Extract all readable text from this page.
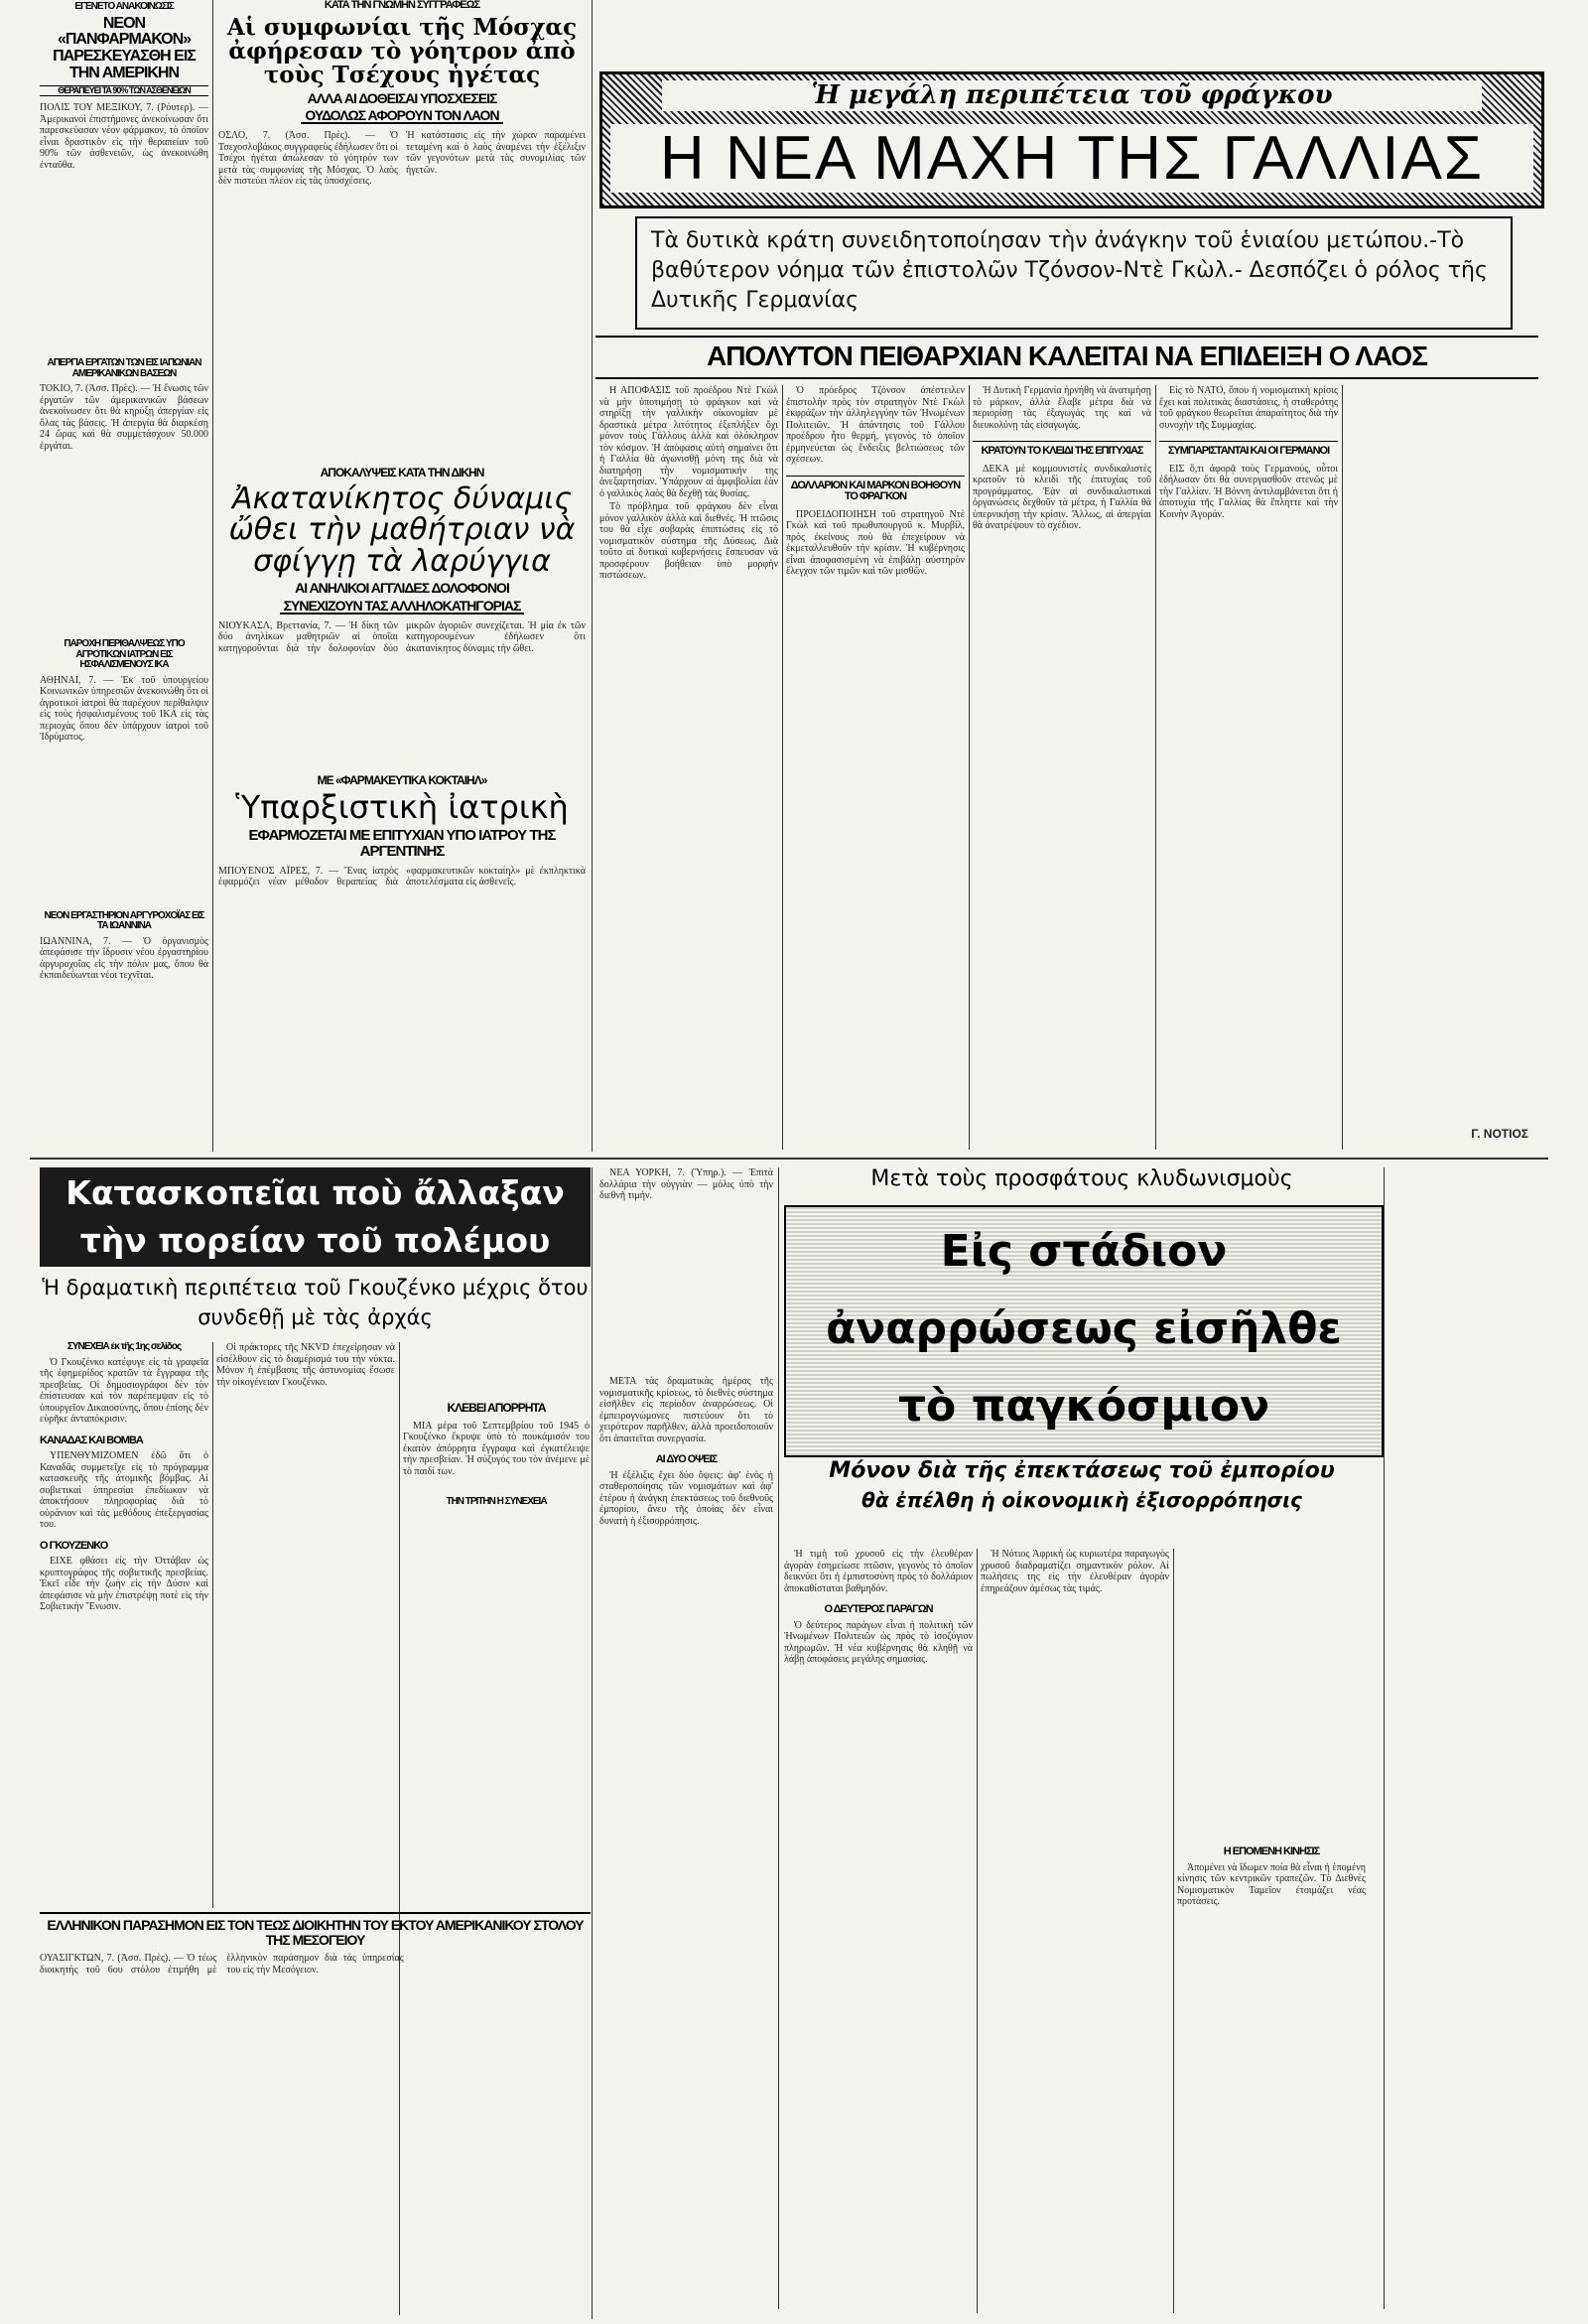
ΕΓΕΝΕΤΟ ΑΝΑΚΟΙΝΩΣΙΣ
ΝΕΟΝ «ΠΑΝΦΑΡΜΑΚΟΝ» ΠΑΡΕΣΚΕΥΑΣΘΗ ΕΙΣ ΤΗΝ ΑΜΕΡΙΚΗΝ
ΘΕΡΑΠΕΥΕΙ ΤΑ 90% ΤΩΝ ΑΣΘΕΝΕΙΩΝ
ΠΟΛΙΣ ΤΟΥ ΜΕΞΙΚΟΥ, 7. (Ρόυτερ). — Ἀμερικανοὶ ἐπιστήμονες ἀνεκοίνωσαν ὅτι παρεσκεύασαν νέον φάρμακον, τὸ ὁποῖον εἶναι δραστικὸν εἰς τὴν θεραπείαν τοῦ 90% τῶν ἀσθενειῶν, ὡς ἀνεκοινώθη ἐνταῦθα.
ΑΠΕΡΓΙΑ ΕΡΓΑΤΩΝ ΤΩΝ ΕΙΣ ΙΑΠΩΝΙΑΝ ΑΜΕΡΙΚΑΝΙΚΩΝ ΒΑΣΕΩΝ
ΤΟΚΙΟ, 7. (Ἀσσ. Πρὲς). — Ἡ ἕνωσις τῶν ἐργατῶν τῶν ἀμερικανικῶν βάσεων ἀνεκοίνωσεν ὅτι θὰ κηρύξῃ ἀπεργίαν εἰς ὅλας τὰς βάσεις. Ἡ ἀπεργία θὰ διαρκέσῃ 24 ὥρας καὶ θὰ συμμετάσχουν 50.000 ἐργάται.
ΠΑΡΟΧΗ ΠΕΡΙΘΑΛΨΕΩΣ ΥΠΟ ΑΓΡΟΤΙΚΩΝ ΙΑΤΡΩΝ ΕΙΣ ΗΣΦΑΛΙΣΜΕΝΟΥΣ ΙΚΑ
ΑΘΗΝΑΙ, 7. — Ἐκ τοῦ ὑπουργείου Κοινωνικῶν ὑπηρεσιῶν ἀνεκοινώθη ὅτι οἱ ἀγροτικοὶ ἰατροὶ θὰ παρέχουν περίθαλψιν εἰς τοὺς ἠσφαλισμένους τοῦ ΙΚΑ εἰς τὰς περιοχὰς ὅπου δὲν ὑπάρχουν ἰατροὶ τοῦ Ἱδρύματος.
ΝΕΟΝ ΕΡΓΑΣΤΗΡΙΟΝ ΑΡΓΥΡΟΧΟΪΑΣ ΕΙΣ ΤΑ ΙΩΑΝΝΙΝΑ
ΙΩΑΝΝΙΝΑ, 7. — Ὁ ὀργανισμὸς ἀπεφάσισε τὴν ἵδρυσιν νέου ἐργαστηρίου ἀργυροχοΐας εἰς τὴν πόλιν μας, ὅπου θὰ ἐκπαιδεύωνται νέοι τεχνῖται.
ΚΑΤΑ ΤΗΝ ΓΝΩΜΗΝ ΣΥΓΓΡΑΦΕΩΣ
Αἱ συμφωνίαι τῆς Μόσχας ἀφήρεσαν τὸ γόητρον ἀπὸ τοὺς Τσέχους ἡγέτας
ΑΛΛΑ ΑΙ ΔΟΘΕΙΣΑΙ ΥΠΟΣΧΕΣΕΙΣ
ΟΥΔΟΛΩΣ ΑΦΟΡΟΥΝ ΤΟΝ ΛΑΟΝ
ΟΣΛΟ, 7. (Ἀσσ. Πρὲς). — Ὁ Τσεχοσλοβάκος συγγραφεὺς ἐδήλωσεν ὅτι οἱ Τσέχοι ἡγέται ἀπώλεσαν τὸ γόητρόν των μετὰ τὰς συμφωνίας τῆς Μόσχας. Ὁ λαὸς δὲν πιστεύει πλέον εἰς τὰς ὑποσχέσεις.
Ἡ κατάστασις εἰς τὴν χώραν παραμένει τεταμένη καὶ ὁ λαὸς ἀναμένει τὴν ἐξέλιξιν τῶν γεγονότων μετὰ τὰς συνομιλίας τῶν ἡγετῶν.
ΑΠΟΚΑΛΥΨΕΙΣ ΚΑΤΑ ΤΗΝ ΔΙΚΗΝ
Ἀκατανίκητος δύναμις ὤθει τὴν μαθήτριαν νὰ σφίγγῃ τὰ λαρύγγια
ΑΙ ΑΝΗΛΙΚΟΙ ΑΓΓΛΙΔΕΣ ΔΟΛΟΦΟΝΟΙ
ΣΥΝΕΧΙΖΟΥΝ ΤΑΣ ΑΛΛΗΛΟΚΑΤΗΓΟΡΙΑΣ
ΝΙΟΥΚΑΣΛ, Βρεττανία, 7. — Ἡ δίκη τῶν δύο ἀνηλίκων μαθητριῶν αἱ ὁποῖαι κατηγοροῦνται διὰ τὴν δολοφονίαν δύο μικρῶν ἀγοριῶν συνεχίζεται. Ἡ μία ἐκ τῶν κατηγορουμένων ἐδήλωσεν ὅτι ἀκατανίκητος δύναμις τὴν ὤθει.
ΜΕ «ΦΑΡΜΑΚΕΥΤΙΚΑ ΚΟΚΤΑΙΗΛ»
Ὑπαρξιστικὴ ἰατρικὴ
ΕΦΑΡΜΟΖΕΤΑΙ ΜΕ ΕΠΙΤΥΧΙΑΝ ΥΠΟ ΙΑΤΡΟΥ ΤΗΣ ΑΡΓΕΝΤΙΝΗΣ
ΜΠΟΥΕΝΟΣ ΑΪΡΕΣ, 7. — Ἕνας ἰατρὸς ἐφαρμόζει νέαν μέθοδον θεραπείας διὰ «φαρμακευτικῶν κοκταίηλ» μὲ ἐκπληκτικὰ ἀποτελέσματα εἰς ἀσθενεῖς.
Ἡ μεγάλη περιπέτεια τοῦ φράγκου
Η ΝΕΑ ΜΑΧΗ ΤΗΣ ΓΑΛΛΙΑΣ
Τὰ δυτικὰ κράτη συνειδητοποίησαν τὴν ἀνάγκην τοῦ ἑνιαίου μετώπου.-Τὸ βαθύτερον νόημα τῶν ἐπιστολῶν Τζόνσον-Ντὲ Γκὼλ.- Δεσπόζει ὁ ρόλος τῆς Δυτικῆς Γερμανίας
ΑΠΟΛΥΤΟΝ ΠΕΙΘΑΡΧΙΑΝ ΚΑΛΕΙΤΑΙ ΝΑ ΕΠΙΔΕΙΞΗ Ο ΛΑΟΣ

Η ΑΠΟΦΑΣΙΣ τοῦ προέδρου Ντὲ Γκὼλ νὰ μὴν ὑποτιμήσῃ τὸ φράγκον καὶ νὰ στηρίξῃ τὴν γαλλικὴν οἰκονομίαν μὲ δραστικὰ μέτρα λιτότητος ἐξεπλήξεν ὄχι μόνον τοὺς Γάλλους ἀλλὰ καὶ ὁλόκληρον τὸν κόσμον. Ἡ ἀπόφασις αὐτὴ σημαίνει ὅτι ἡ Γαλλία θὰ ἀγωνισθῇ μόνη της διὰ νὰ διατηρήσῃ τὴν νομισματικήν της ἀνεξαρτησίαν. Ὑπάρχουν αἱ ἀμφιβολίαι ἐὰν ὁ γαλλικὸς λαὸς θὰ δεχθῇ τὰς θυσίας.

Τὸ πρόβλημα τοῦ φράγκου δὲν εἶναι μόνον γαλλικὸν ἀλλὰ καὶ διεθνές. Ἡ πτῶσις του θὰ εἶχε σοβαρὰς ἐπιπτώσεις εἰς τὸ νομισματικὸν σύστημα τῆς Δύσεως. Διὰ τοῦτο αἱ δυτικαὶ κυβερνήσεις ἔσπευσαν νὰ προσφέρουν βοήθειαν ὑπὸ μορφὴν πιστώσεων.

Ὁ πρόεδρος Τζόνσον ἀπέστειλεν ἐπιστολὴν πρὸς τὸν στρατηγὸν Ντὲ Γκὼλ ἐκφράζων τὴν ἀλληλεγγύην τῶν Ἡνωμένων Πολιτειῶν. Ἡ ἀπάντησις τοῦ Γάλλου προέδρου ἦτο θερμή, γεγονὸς τὸ ὁποῖον ἑρμηνεύεται ὡς ἔνδειξις βελτιώσεως τῶν σχέσεων.

ΔΟΛΛΑΡΙΟΝ ΚΑΙ ΜΑΡΚΟΝ ΒΟΗΘΟΥΝ ΤΟ ΦΡΑΓΚΟΝ

ΠΡΟΕΙΔΟΠΟΙΗΣΗ τοῦ στρατηγοῦ Ντὲ Γκὼλ καὶ τοῦ πρωθυπουργοῦ κ. Μυρβίλ, πρὸς ἐκείνους ποὺ θὰ ἐπεχείρουν νὰ ἐκμεταλλευθοῦν τὴν κρίσιν. Ἡ κυβέρνησις εἶναι ἀποφασισμένη νὰ ἐπιβάλῃ αὐστηρὸν ἔλεγχον τῶν τιμῶν καὶ τῶν μισθῶν.

Ἡ Δυτικὴ Γερμανία ἠρνήθη νὰ ἀνατιμήσῃ τὸ μάρκον, ἀλλὰ ἔλαβε μέτρα διὰ νὰ περιορίσῃ τὰς ἐξαγωγάς της καὶ νὰ διευκολύνῃ τὰς εἰσαγωγάς.

ΚΡΑΤΟΥΝ ΤΟ ΚΛΕΙΔΙ ΤΗΣ ΕΠΙΤΥΧΙΑΣ

ΔΕΚΑ μὲ κομμουνιστὲς συνδικαλιστὲς κρατοῦν τὸ κλειδὶ τῆς ἐπιτυχίας τοῦ προγράμματος. Ἐὰν αἱ συνδικαλιστικαὶ ὀργανώσεις δεχθοῦν τὰ μέτρα, ἡ Γαλλία θὰ ὑπερνικήσῃ τὴν κρίσιν. Ἄλλως, αἱ ἀπεργίαι θὰ ἀνατρέψουν τὸ σχέδιον.

Εἰς τὸ ΝΑΤΟ, ὅπου ἡ νομισματικὴ κρίσις ἔχει καὶ πολιτικὰς διαστάσεις, ἡ σταθερότης τοῦ φράγκου θεωρεῖται ἀπαραίτητος διὰ τὴν συνοχὴν τῆς Συμμαχίας.

ΣΥΜΠΑΡΙΣΤΑΝΤΑΙ ΚΑΙ ΟΙ ΓΕΡΜΑΝΟΙ

ΕΙΣ ὅ,τι ἀφορᾷ τοὺς Γερμανούς, οὗτοι ἐδήλωσαν ὅτι θὰ συνεργασθοῦν στενῶς μὲ τὴν Γαλλίαν. Ἡ Βόννη ἀντιλαμβάνεται ὅτι ἡ ἀποτυχία τῆς Γαλλίας θὰ ἔπληττε καὶ τὴν Κοινὴν Ἀγοράν.

Γ. ΝΟΤΙΟΣ
Κατασκοπεῖαι ποὺ ἄλλαξαν τὴν πορείαν τοῦ πολέμου
Ἡ δραματικὴ περιπέτεια τοῦ Γκουζένκο μέχρις ὅτου συνδεθῇ μὲ τὰς ἀρχάς
ΣΥΝΕΧΕΙΑ ἐκ τῆς 1ης σελίδος

Ὁ Γκουζένκο κατέφυγε εἰς τὰ γραφεῖα τῆς ἐφημερίδος κρατῶν τὰ ἔγγραφα τῆς πρεσβείας. Οἱ δημοσιογράφοι δὲν τὸν ἐπίστευσαν καὶ τὸν παρέπεμψαν εἰς τὸ ὑπουργεῖον Δικαιοσύνης, ὅπου ἐπίσης δὲν εὑρῆκε ἀνταπόκρισιν.

ΚΑΝΑΔΑΣ ΚΑΙ ΒΟΜΒΑ

ΥΠΕΝΘΥΜΙΖΟΜΕΝ ἐδῶ ὅτι ὁ Καναδᾶς συμμετεῖχε εἰς τὸ πρόγραμμα κατασκευῆς τῆς ἀτομικῆς βόμβας. Αἱ σοβιετικαὶ ὑπηρεσίαι ἐπεδίωκον νὰ ἀποκτήσουν πληροφορίας διὰ τὸ οὐράνιον καὶ τὰς μεθόδους ἐπεξεργασίας του.

Ο ΓΚΟΥΖΕΝΚΟ

ΕΙΧΕ φθάσει εἰς τὴν Ὀττάβαν ὡς κρυπτογράφος τῆς σοβιετικῆς πρεσβείας. Ἐκεῖ εἶδε τὴν ζωὴν εἰς τὴν Δύσιν καὶ ἀπεφάσισε νὰ μὴν ἐπιστρέψῃ ποτὲ εἰς τὴν Σοβιετικὴν Ἕνωσιν.

Οἱ πράκτορες τῆς NKVD ἐπεχείρησαν νὰ εἰσέλθουν εἰς τὸ διαμέρισμά του τὴν νύκτα. Μόνον ἡ ἐπέμβασις τῆς ἀστυνομίας ἔσωσε τὴν οἰκογένειαν Γκουζένκο.

ΚΛΕΒΕΙ ΑΠΟΡΡΗΤΑ

ΜΙΑ μέρα τοῦ Σεπτεμβρίου τοῦ 1945 ὁ Γκουζένκο ἔκρυψε ὑπὸ τὸ πουκάμισόν του ἑκατὸν ἀπόρρητα ἔγγραφα καὶ ἐγκατέλειψε τὴν πρεσβείαν. Ἡ σύζυγός του τὸν ἀνέμενε μὲ τὸ παιδί των.

ΤΗΝ ΤΡΙΤΗΝ Η ΣΥΝΕΧΕΙΑ
ΕΛΛΗΝΙΚΟΝ ΠΑΡΑΣΗΜΟΝ ΕΙΣ ΤΟΝ ΤΕΩΣ ΔΙΟΙΚΗΤΗΝ ΤΟΥ ΕΚΤΟΥ ΑΜΕΡΙΚΑΝΙΚΟΥ ΣΤΟΛΟΥ ΤΗΣ ΜΕΣΟΓΕΙΟΥ
ΟΥΑΣΙΓΚΤΩΝ, 7. (Ἀσσ. Πρὲς). — Ὁ τέως διοικητὴς τοῦ 6ου στόλου ἐτιμήθη μὲ ἑλληνικὸν παράσημον διὰ τὰς ὑπηρεσίας του εἰς τὴν Μεσόγειον.

ΝΕΑ ΥΟΡΚΗ, 7. (Ὑπηρ.). — Ἐπιτὰ δολλάρια τὴν οὐγγιὰν — μόλις ὑπὸ τὴν διεθνῆ τιμήν.

Μετὰ τοὺς προσφάτους κλυδωνισμοὺς
Εἰς στάδιον ἀναρρώσεως εἰσῆλθε τὸ παγκόσμιον
Μόνον διὰ τῆς ἐπεκτάσεως τοῦ ἐμπορίου
θὰ ἐπέλθη ἡ οἰκονομικὴ ἐξισορρόπησις

ΜΕΤΑ τὰς δραματικὰς ἡμέρας τῆς νομισματικῆς κρίσεως, τὸ διεθνὲς σύστημα εἰσῆλθεν εἰς περίοδον ἀναρρώσεως. Οἱ ἐμπειρογνώμονες πιστεύουν ὅτι τὸ χειρότερον παρῆλθεν, ἀλλὰ προειδοποιοῦν ὅτι ἀπαιτεῖται συνεργασία.

ΑΙ ΔΥΟ ΟΨΕΙΣ

Ἡ ἐξέλιξις ἔχει δύο ὄψεις: ἀφ' ἑνὸς ἡ σταθεροποίησις τῶν νομισμάτων καὶ ἀφ' ἑτέρου ἡ ἀνάγκη ἐπεκτάσεως τοῦ διεθνοῦς ἐμπορίου, ἄνευ τῆς ὁποίας δὲν εἶναι δυνατὴ ἡ ἐξισορρόπησις.

Ἡ τιμὴ τοῦ χρυσοῦ εἰς τὴν ἐλευθέραν ἀγορὰν ἐσημείωσε πτῶσιν, γεγονὸς τὸ ὁποῖον δεικνύει ὅτι ἡ ἐμπιστοσύνη πρὸς τὸ δολλάριον ἀποκαθίσταται βαθμηδόν.

Ο ΔΕΥΤΕΡΟΣ ΠΑΡΑΓΩΝ

Ὁ δεύτερος παράγων εἶναι ἡ πολιτικὴ τῶν Ἡνωμένων Πολιτειῶν ὡς πρὸς τὸ ἰσοζύγιον πληρωμῶν. Ἡ νέα κυβέρνησις θὰ κληθῇ νὰ λάβῃ ἀποφάσεις μεγάλης σημασίας.

Ἡ Νότιος Ἀφρικὴ ὡς κυριωτέρα παραγωγὸς χρυσοῦ διαδραματίζει σημαντικὸν ρόλον. Αἱ πωλήσεις της εἰς τὴν ἐλευθέραν ἀγορὰν ἐπηρεάζουν ἀμέσως τὰς τιμάς.

Η ΕΠΟΜΕΝΗ ΚΙΝΗΣΙΣ

Ἀπομένει νὰ ἴδωμεν ποία θὰ εἶναι ἡ ἑπομένη κίνησις τῶν κεντρικῶν τραπεζῶν. Τὸ Διεθνὲς Νομισματικὸν Ταμεῖον ἐτοιμάζει νέας προτάσεις.
